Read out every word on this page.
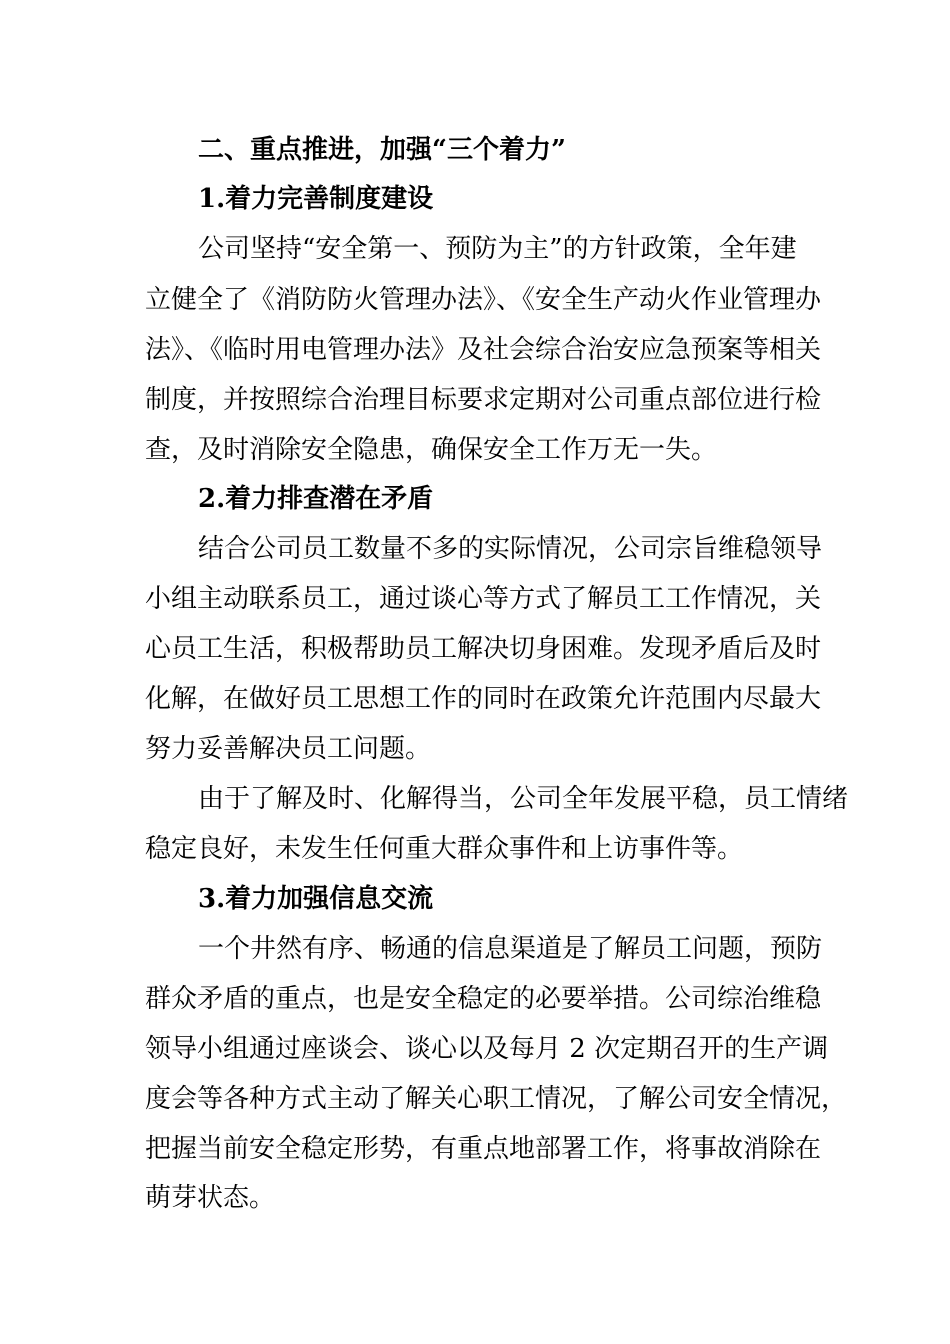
二、重点推进，加强“三个着力”
1.着力完善制度建设
公司坚持“安全第一、预防为主”的方针政策，全年建
立健全了《消防防火管理办法》、《安全生产动火作业管理办
法》、《临时用电管理办法》及社会综合治安应急预案等相关
制度，并按照综合治理目标要求定期对公司重点部位进行检
查，及时消除安全隐患，确保安全工作万无一失。
2.着力排查潜在矛盾
结合公司员工数量不多的实际情况，公司宗旨维稳领导
小组主动联系员工，通过谈心等方式了解员工工作情况，关
心员工生活，积极帮助员工解决切身困难。发现矛盾后及时
化解，在做好员工思想工作的同时在政策允许范围内尽最大
努力妥善解决员工问题。
由于了解及时、化解得当，公司全年发展平稳，员工情绪
稳定良好，未发生任何重大群众事件和上访事件等。
3.着力加强信息交流
一个井然有序、畅通的信息渠道是了解员工问题，预防
群众矛盾的重点，也是安全稳定的必要举措。公司综治维稳
领导小组通过座谈会、谈心以及每月 2 次定期召开的生产调
度会等各种方式主动了解关心职工情况，了解公司安全情况，
把握当前安全稳定形势，有重点地部署工作，将事故消除在
萌芽状态。
